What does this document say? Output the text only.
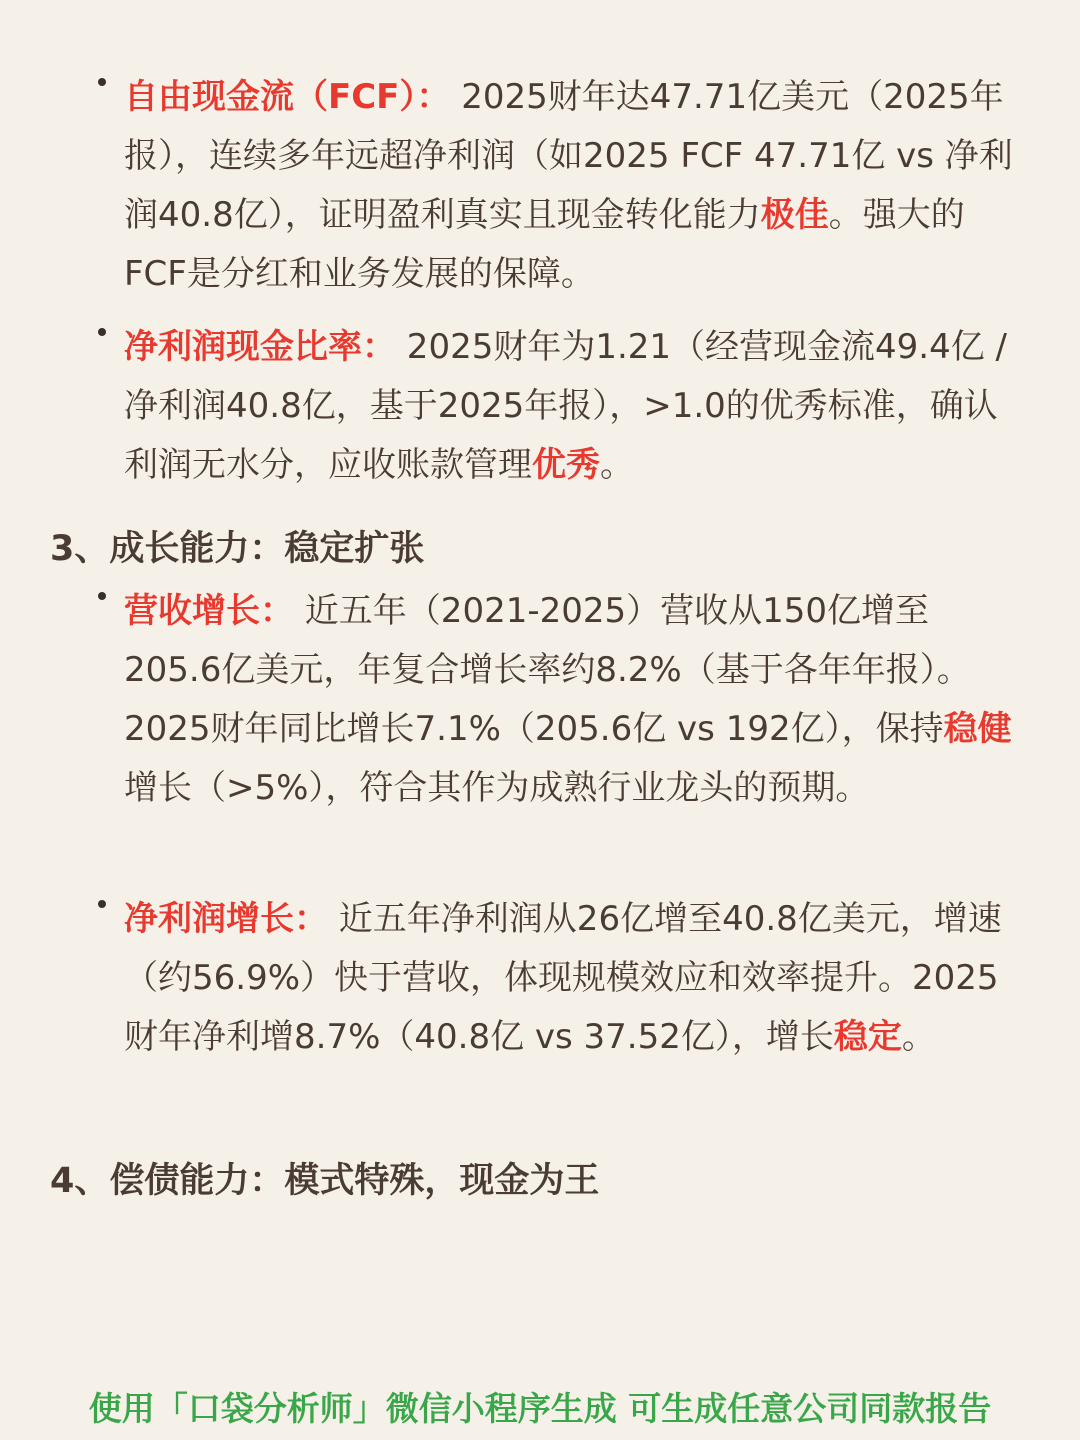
自由现金流（FCF）： 2025财年达47.71亿美元（2025年报），连续多年远超净利润（如2025 FCF 47.71亿 vs 净利润40.8亿），证明盈利真实且现金转化能力极佳。强大的FCF是分红和业务发展的保障。
净利润现金比率： 2025财年为1.21（经营现金流49.4亿 / 净利润40.8亿，基于2025年报），>1.0的优秀标准，确认利润无水分，应收账款管理优秀。
3、成长能力：稳定扩张
营收增长： 近五年（2021-2025）营收从150亿增至205.6亿美元，年复合增长率约8.2%（基于各年年报）。2025财年同比增长7.1%（205.6亿 vs 192亿），保持稳健增长（>5%），符合其作为成熟行业龙头的预期。
净利润增长： 近五年净利润从26亿增至40.8亿美元，增速（约56.9%）快于营收，体现规模效应和效率提升。2025财年净利增8.7%（40.8亿 vs 37.52亿），增长稳定。
4、偿债能力：模式特殊，现金为王
使用「口袋分析师」微信小程序生成 可生成任意公司同款报告
